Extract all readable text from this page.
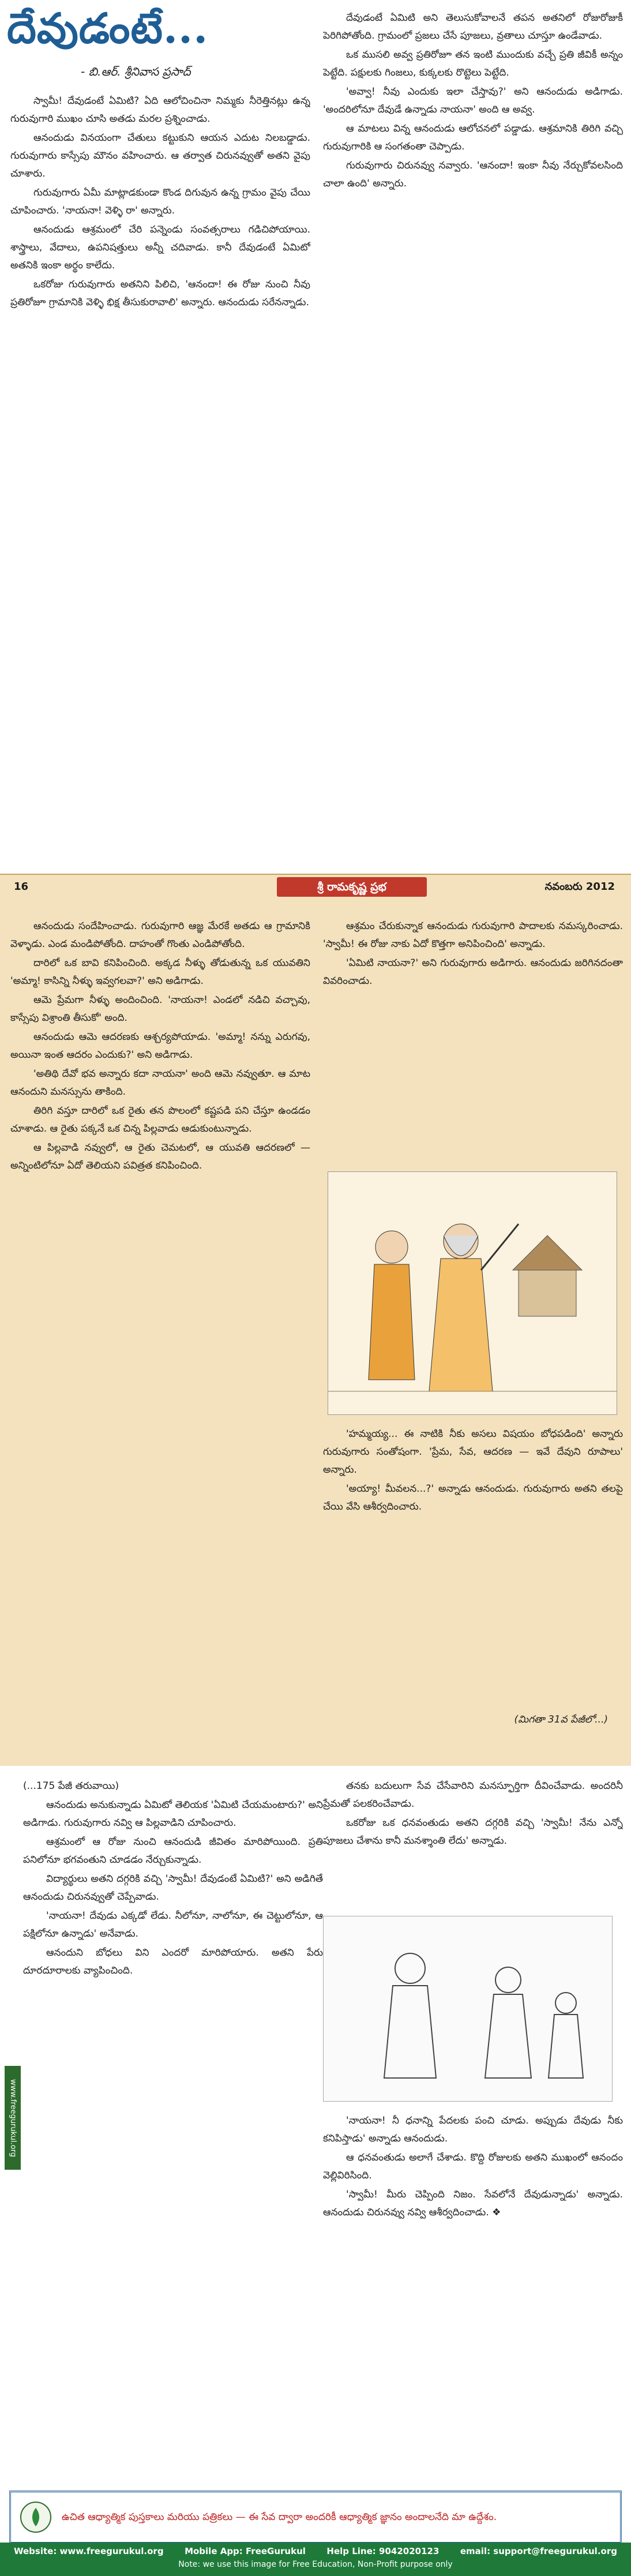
దేవుడంటే...
- బి.ఆర్. శ్రీనివాస ప్రసాద్

స్వామీ! దేవుడంటే ఏమిటి? ఏది ఆలోచించినా నిమ్మకు నీరెత్తినట్లు ఉన్న గురువుగారి ముఖం చూసి అతడు మరల ప్రశ్నించాడు.

ఆనందుడు వినయంగా చేతులు కట్టుకుని ఆయన ఎదుట నిలబడ్డాడు. గురువుగారు కాస్సేపు మౌనం వహించారు. ఆ తర్వాత చిరునవ్వుతో అతని వైపు చూశారు.

గురువుగారు ఏమీ మాట్లాడకుండా కొండ దిగువున ఉన్న గ్రామం వైపు చేయి చూపించారు. 'నాయనా! వెళ్ళి రా' అన్నారు.

ఆనందుడు ఆశ్రమంలో చేరి పన్నెండు సంవత్సరాలు గడిచిపోయాయి. శాస్త్రాలు, వేదాలు, ఉపనిషత్తులు అన్నీ చదివాడు. కానీ దేవుడంటే ఏమిటో అతనికి ఇంకా అర్థం కాలేదు.

ఒకరోజు గురువుగారు అతనిని పిలిచి, 'ఆనందా! ఈ రోజు నుంచి నీవు ప్రతిరోజూ గ్రామానికి వెళ్ళి భిక్ష తీసుకురావాలి' అన్నారు. ఆనందుడు సరేనన్నాడు.

దేవుడంటే ఏమిటి అని తెలుసుకోవాలనే తపన అతనిలో రోజురోజుకీ పెరిగిపోతోంది. గ్రామంలో ప్రజలు చేసే పూజలు, వ్రతాలు చూస్తూ ఉండేవాడు.

ఒక ముసలి అవ్వ ప్రతిరోజూ తన ఇంటి ముందుకు వచ్చే ప్రతి జీవికీ అన్నం పెట్టేది. పక్షులకు గింజలు, కుక్కలకు రొట్టెలు పెట్టేది.

'అవ్వా! నీవు ఎందుకు ఇలా చేస్తావు?' అని ఆనందుడు అడిగాడు. 'అందరిలోనూ దేవుడే ఉన్నాడు నాయనా' అంది ఆ అవ్వ.

ఆ మాటలు విన్న ఆనందుడు ఆలోచనలో పడ్డాడు. ఆశ్రమానికి తిరిగి వచ్చి గురువుగారికి ఆ సంగతంతా చెప్పాడు.

గురువుగారు చిరునవ్వు నవ్వారు. 'ఆనందా! ఇంకా నీవు నేర్చుకోవలసింది చాలా ఉంది' అన్నారు.

16	శ్రీ రామకృష్ణ ప్రభ	నవంబరు 2012

ఆనందుడు సందేహించాడు. గురువుగారి ఆజ్ఞ మేరకే అతడు ఆ గ్రామానికి వెళ్ళాడు. ఎండ మండిపోతోంది. దాహంతో గొంతు ఎండిపోతోంది.

దారిలో ఒక బావి కనిపించింది. అక్కడ నీళ్ళు తోడుతున్న ఒక యువతిని 'అమ్మా! కాసిన్ని నీళ్ళు ఇవ్వగలవా?' అని అడిగాడు.

ఆమె ప్రేమగా నీళ్ళు అందించింది. 'నాయనా! ఎండలో నడిచి వచ్చావు, కాస్సేపు విశ్రాంతి తీసుకో' అంది.

ఆనందుడు ఆమె ఆదరణకు ఆశ్చర్యపోయాడు. 'అమ్మా! నన్ను ఎరుగవు, అయినా ఇంత ఆదరం ఎందుకు?' అని అడిగాడు.

'అతిథి దేవో భవ అన్నారు కదా నాయనా' అంది ఆమె నవ్వుతూ. ఆ మాట ఆనందుని మనస్సును తాకింది.

తిరిగి వస్తూ దారిలో ఒక రైతు తన పొలంలో కష్టపడి పని చేస్తూ ఉండడం చూశాడు. ఆ రైతు పక్కనే ఒక చిన్న పిల్లవాడు ఆడుకుంటున్నాడు.

ఆ పిల్లవాడి నవ్వులో, ఆ రైతు చెమటలో, ఆ యువతి ఆదరణలో — అన్నింటిలోనూ ఏదో తెలియని పవిత్రత కనిపించింది.

ఆశ్రమం చేరుకున్నాక ఆనందుడు గురువుగారి పాదాలకు నమస్కరించాడు. 'స్వామీ! ఈ రోజు నాకు ఏదో కొత్తగా అనిపించింది' అన్నాడు.

'ఏమిటి నాయనా?' అని గురువుగారు అడిగారు. ఆనందుడు జరిగినదంతా వివరించాడు.

'హమ్మయ్య... ఈ నాటికి నీకు అసలు విషయం బోధపడింది' అన్నారు గురువుగారు సంతోషంగా. 'ప్రేమ, సేవ, ఆదరణ — ఇవే దేవుని రూపాలు' అన్నారు.

'అయ్యా! మీవలన...?' అన్నాడు ఆనందుడు. గురువుగారు అతని తలపై చేయి వేసి ఆశీర్వదించారు.

(మిగతా 31వ పేజీలో...)

(...175 పేజీ తరువాయి)

ఆనందుడు అనుకున్నాడు ఏమిటో తెలియక 'ఏమిటి చేయమంటారు?' అని అడిగాడు. గురువుగారు నవ్వి ఆ పిల్లవాడిని చూపించారు.

ఆశ్రమంలో ఆ రోజు నుంచి ఆనందుడి జీవితం మారిపోయింది. ప్రతి పనిలోనూ భగవంతుని చూడడం నేర్చుకున్నాడు.

విద్యార్థులు అతని దగ్గరికి వచ్చి 'స్వామీ! దేవుడంటే ఏమిటి?' అని అడిగితే ఆనందుడు చిరునవ్వుతో చెప్పేవాడు.

'నాయనా! దేవుడు ఎక్కడో లేడు. నీలోనూ, నాలోనూ, ఈ చెట్టులోనూ, ఆ పక్షిలోనూ ఉన్నాడు' అనేవాడు.

ఆనందుని బోధలు విని ఎందరో మారిపోయారు. అతని పేరు దూరదూరాలకు వ్యాపించింది.

తనకు బదులుగా సేవ చేసేవారిని మనస్ఫూర్తిగా దీవించేవాడు. అందరినీ ప్రేమతో పలకరించేవాడు.

ఒకరోజు ఒక ధనవంతుడు అతని దగ్గరికి వచ్చి 'స్వామీ! నేను ఎన్నో పూజలు చేశాను కానీ మనశ్శాంతి లేదు' అన్నాడు.

'నాయనా! నీ ధనాన్ని పేదలకు పంచి చూడు. అప్పుడు దేవుడు నీకు కనిపిస్తాడు' అన్నాడు ఆనందుడు.

ఆ ధనవంతుడు అలాగే చేశాడు. కొద్ది రోజులకు అతని ముఖంలో ఆనందం వెల్లివిరిసింది.

'స్వామీ! మీరు చెప్పింది నిజం. సేవలోనే దేవుడున్నాడు' అన్నాడు. ఆనందుడు చిరునవ్వు నవ్వి ఆశీర్వదించాడు. ❖

www.freegurukul.org
ఉచిత ఆధ్యాత్మిక పుస్తకాలు మరియు పత్రికలు — ఈ సేవ ద్వారా అందరికీ ఆధ్యాత్మిక జ్ఞానం అందాలనేది మా ఉద్దేశం.
Website: www.freegurukul.org Mobile App: FreeGurukul Help Line: 9042020123 email: support@freegurukul.org
Note: we use this image for Free Education, Non-Profit purpose only
